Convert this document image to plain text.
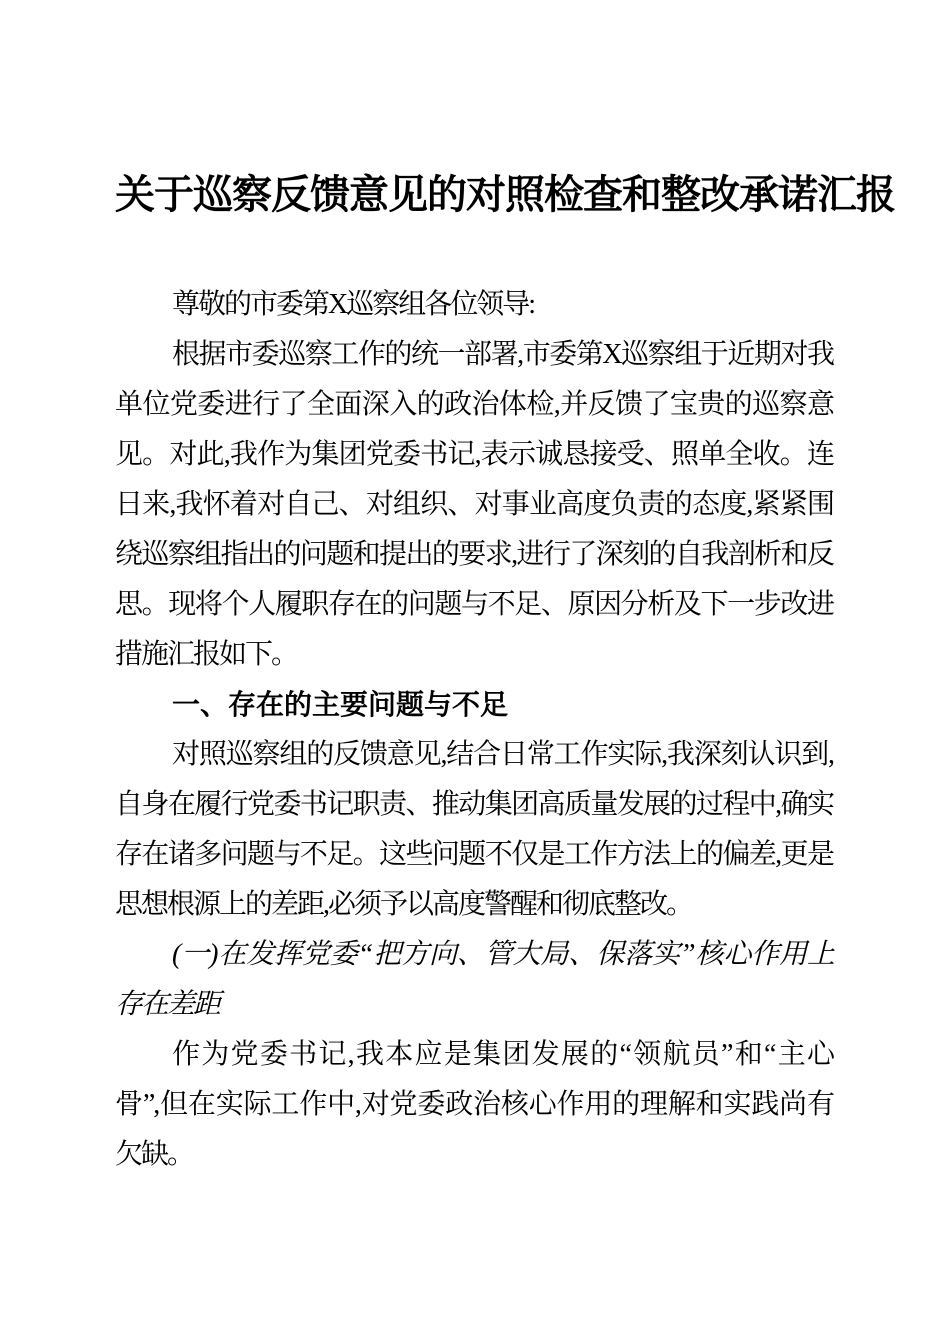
关于巡察反馈意见的对照检查和整改承诺汇报
尊敬的市委第X巡察组各位领导:
根据市委巡察工作的统一部署,市委第X巡察组于近期对我
单位党委进行了全面深入的政治体检,并反馈了宝贵的巡察意
见。对此,我作为集团党委书记,表示诚恳接受、照单全收。连
日来,我怀着对自己、对组织、对事业高度负责的态度,紧紧围
绕巡察组指出的问题和提出的要求,进行了深刻的自我剖析和反
思。现将个人履职存在的问题与不足、原因分析及下一步改进
措施汇报如下。
一、存在的主要问题与不足
对照巡察组的反馈意见,结合日常工作实际,我深刻认识到,
自身在履行党委书记职责、推动集团高质量发展的过程中,确实
存在诸多问题与不足。这些问题不仅是工作方法上的偏差,更是
思想根源上的差距,必须予以高度警醒和彻底整改。
(一)在发挥党委“把方向、管大局、保落实”核心作用上
存在差距
作为党委书记,我本应是集团发展的“领航员”和“主心
骨”,但在实际工作中,对党委政治核心作用的理解和实践尚有
欠缺。
